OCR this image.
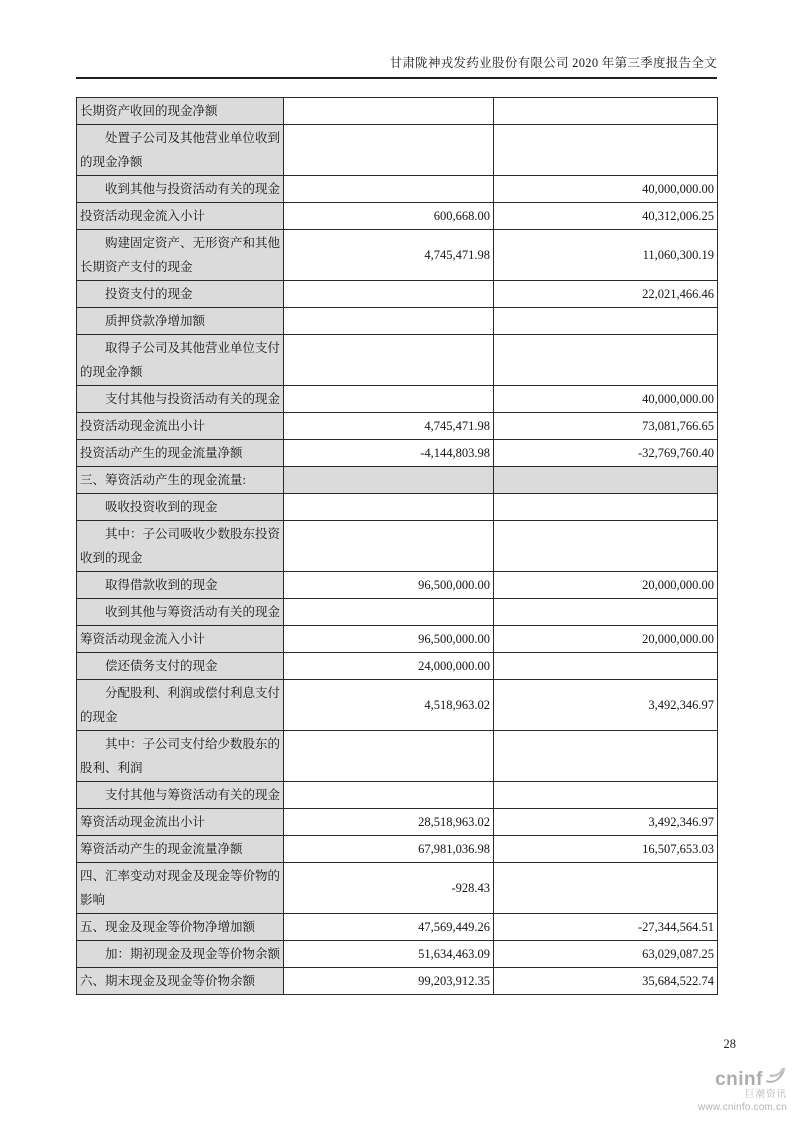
甘肃陇神戎发药业股份有限公司 2020 年第三季度报告全文
长期资产收回的现金净额		
处置子公司及其他营业单位收到的现金净额		
收到其他与投资活动有关的现金		40,000,000.00
投资活动现金流入小计	600,668.00	40,312,006.25
购建固定资产、无形资产和其他长期资产支付的现金	4,745,471.98	11,060,300.19
投资支付的现金		22,021,466.46
质押贷款净增加额		
取得子公司及其他营业单位支付的现金净额		
支付其他与投资活动有关的现金		40,000,000.00
投资活动现金流出小计	4,745,471.98	73,081,766.65
投资活动产生的现金流量净额	-4,144,803.98	-32,769,760.40
三、筹资活动产生的现金流量:		
吸收投资收到的现金		
其中：子公司吸收少数股东投资收到的现金		
取得借款收到的现金	96,500,000.00	20,000,000.00
收到其他与筹资活动有关的现金		
筹资活动现金流入小计	96,500,000.00	20,000,000.00
偿还债务支付的现金	24,000,000.00	
分配股利、利润或偿付利息支付的现金	4,518,963.02	3,492,346.97
其中：子公司支付给少数股东的股利、利润		
支付其他与筹资活动有关的现金		
筹资活动现金流出小计	28,518,963.02	3,492,346.97
筹资活动产生的现金流量净额	67,981,036.98	16,507,653.03
四、汇率变动对现金及现金等价物的影响	-928.43	
五、现金及现金等价物净增加额	47,569,449.26	-27,344,564.51
加：期初现金及现金等价物余额	51,634,463.09	63,029,087.25
六、期末现金及现金等价物余额	99,203,912.35	35,684,522.74
28
cninf
巨潮资讯
www.cninfo.com.cn
